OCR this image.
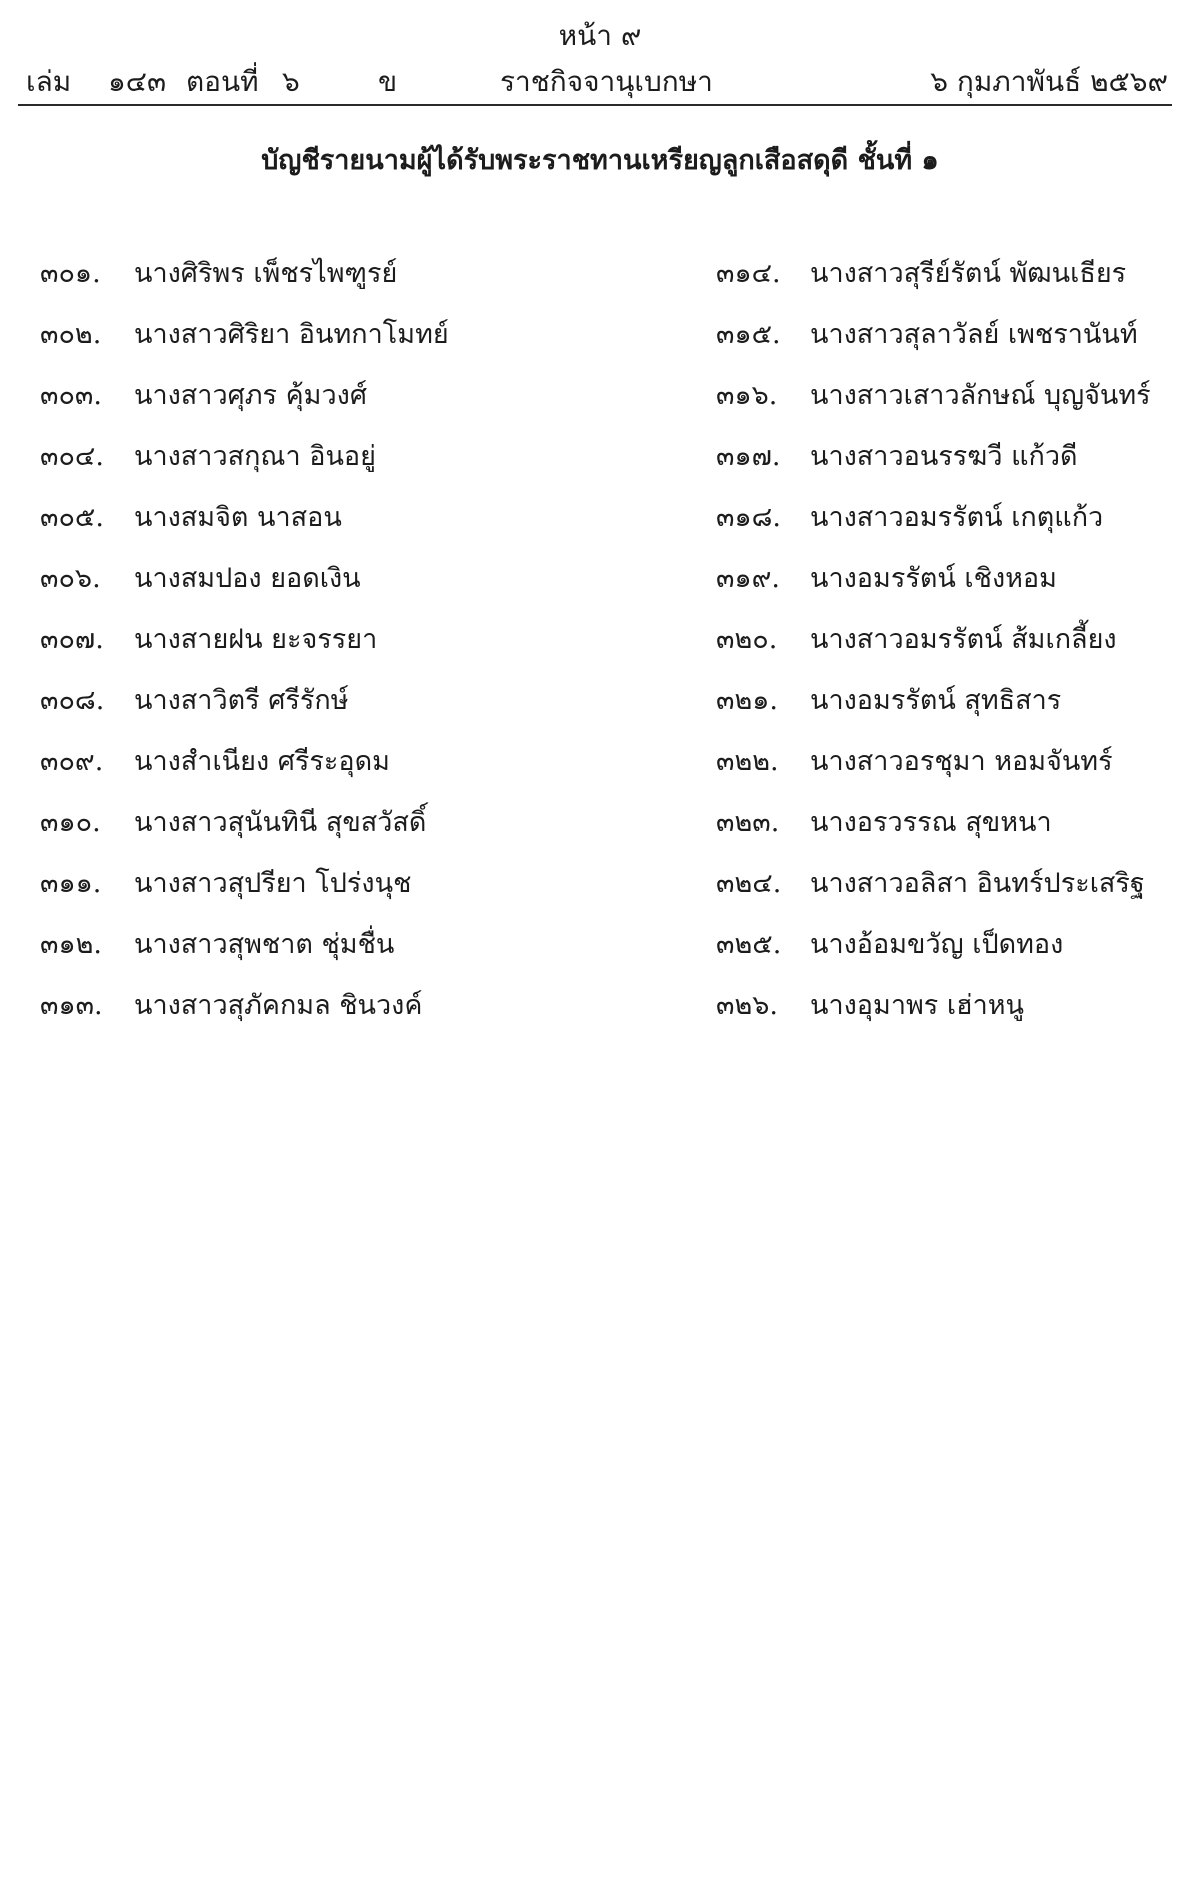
หน้า ๙
เล่ม ๑๔๓ ตอนที่ ๖	ข	ราชกิจจานุเบกษา	๖ กุมภาพันธ์ ๒๕๖๙
บัญชีรายนามผู้ได้รับพระราชทานเหรียญลูกเสือสดุดี ชั้นที่ ๑
๓๐๑.	นางศิริพร เพ็ชรไพฑูรย์
๓๐๒.	นางสาวศิริยา อินทกาโมทย์
๓๐๓.	นางสาวศุภร คุ้มวงศ์
๓๐๔.	นางสาวสกุณา อินอยู่
๓๐๕.	นางสมจิต นาสอน
๓๐๖.	นางสมปอง ยอดเงิน
๓๐๗.	นางสายฝน ยะจรรยา
๓๐๘.	นางสาวิตรี ศรีรักษ์
๓๐๙.	นางสำเนียง ศรีระอุดม
๓๑๐.	นางสาวสุนันทินี สุขสวัสดิ์
๓๑๑.	นางสาวสุปรียา โปร่งนุช
๓๑๒.	นางสาวสุพชาต ชุ่มชื่น
๓๑๓.	นางสาวสุภัคกมล ชินวงค์
๓๑๔.	นางสาวสุรีย์รัตน์ พัฒนเธียร
๓๑๕.	นางสาวสุลาวัลย์ เพชรานันท์
๓๑๖.	นางสาวเสาวลักษณ์ บุญจันทร์
๓๑๗.	นางสาวอนรรฆวี แก้วดี
๓๑๘.	นางสาวอมรรัตน์ เกตุแก้ว
๓๑๙.	นางอมรรัตน์ เชิงหอม
๓๒๐.	นางสาวอมรรัตน์ ส้มเกลี้ยง
๓๒๑.	นางอมรรัตน์ สุทธิสาร
๓๒๒.	นางสาวอรชุมา หอมจันทร์
๓๒๓.	นางอรวรรณ สุขหนา
๓๒๔.	นางสาวอลิสา อินทร์ประเสริฐ
๓๒๕.	นางอ้อมขวัญ เป็ดทอง
๓๒๖.	นางอุมาพร เฮ่าหนู
